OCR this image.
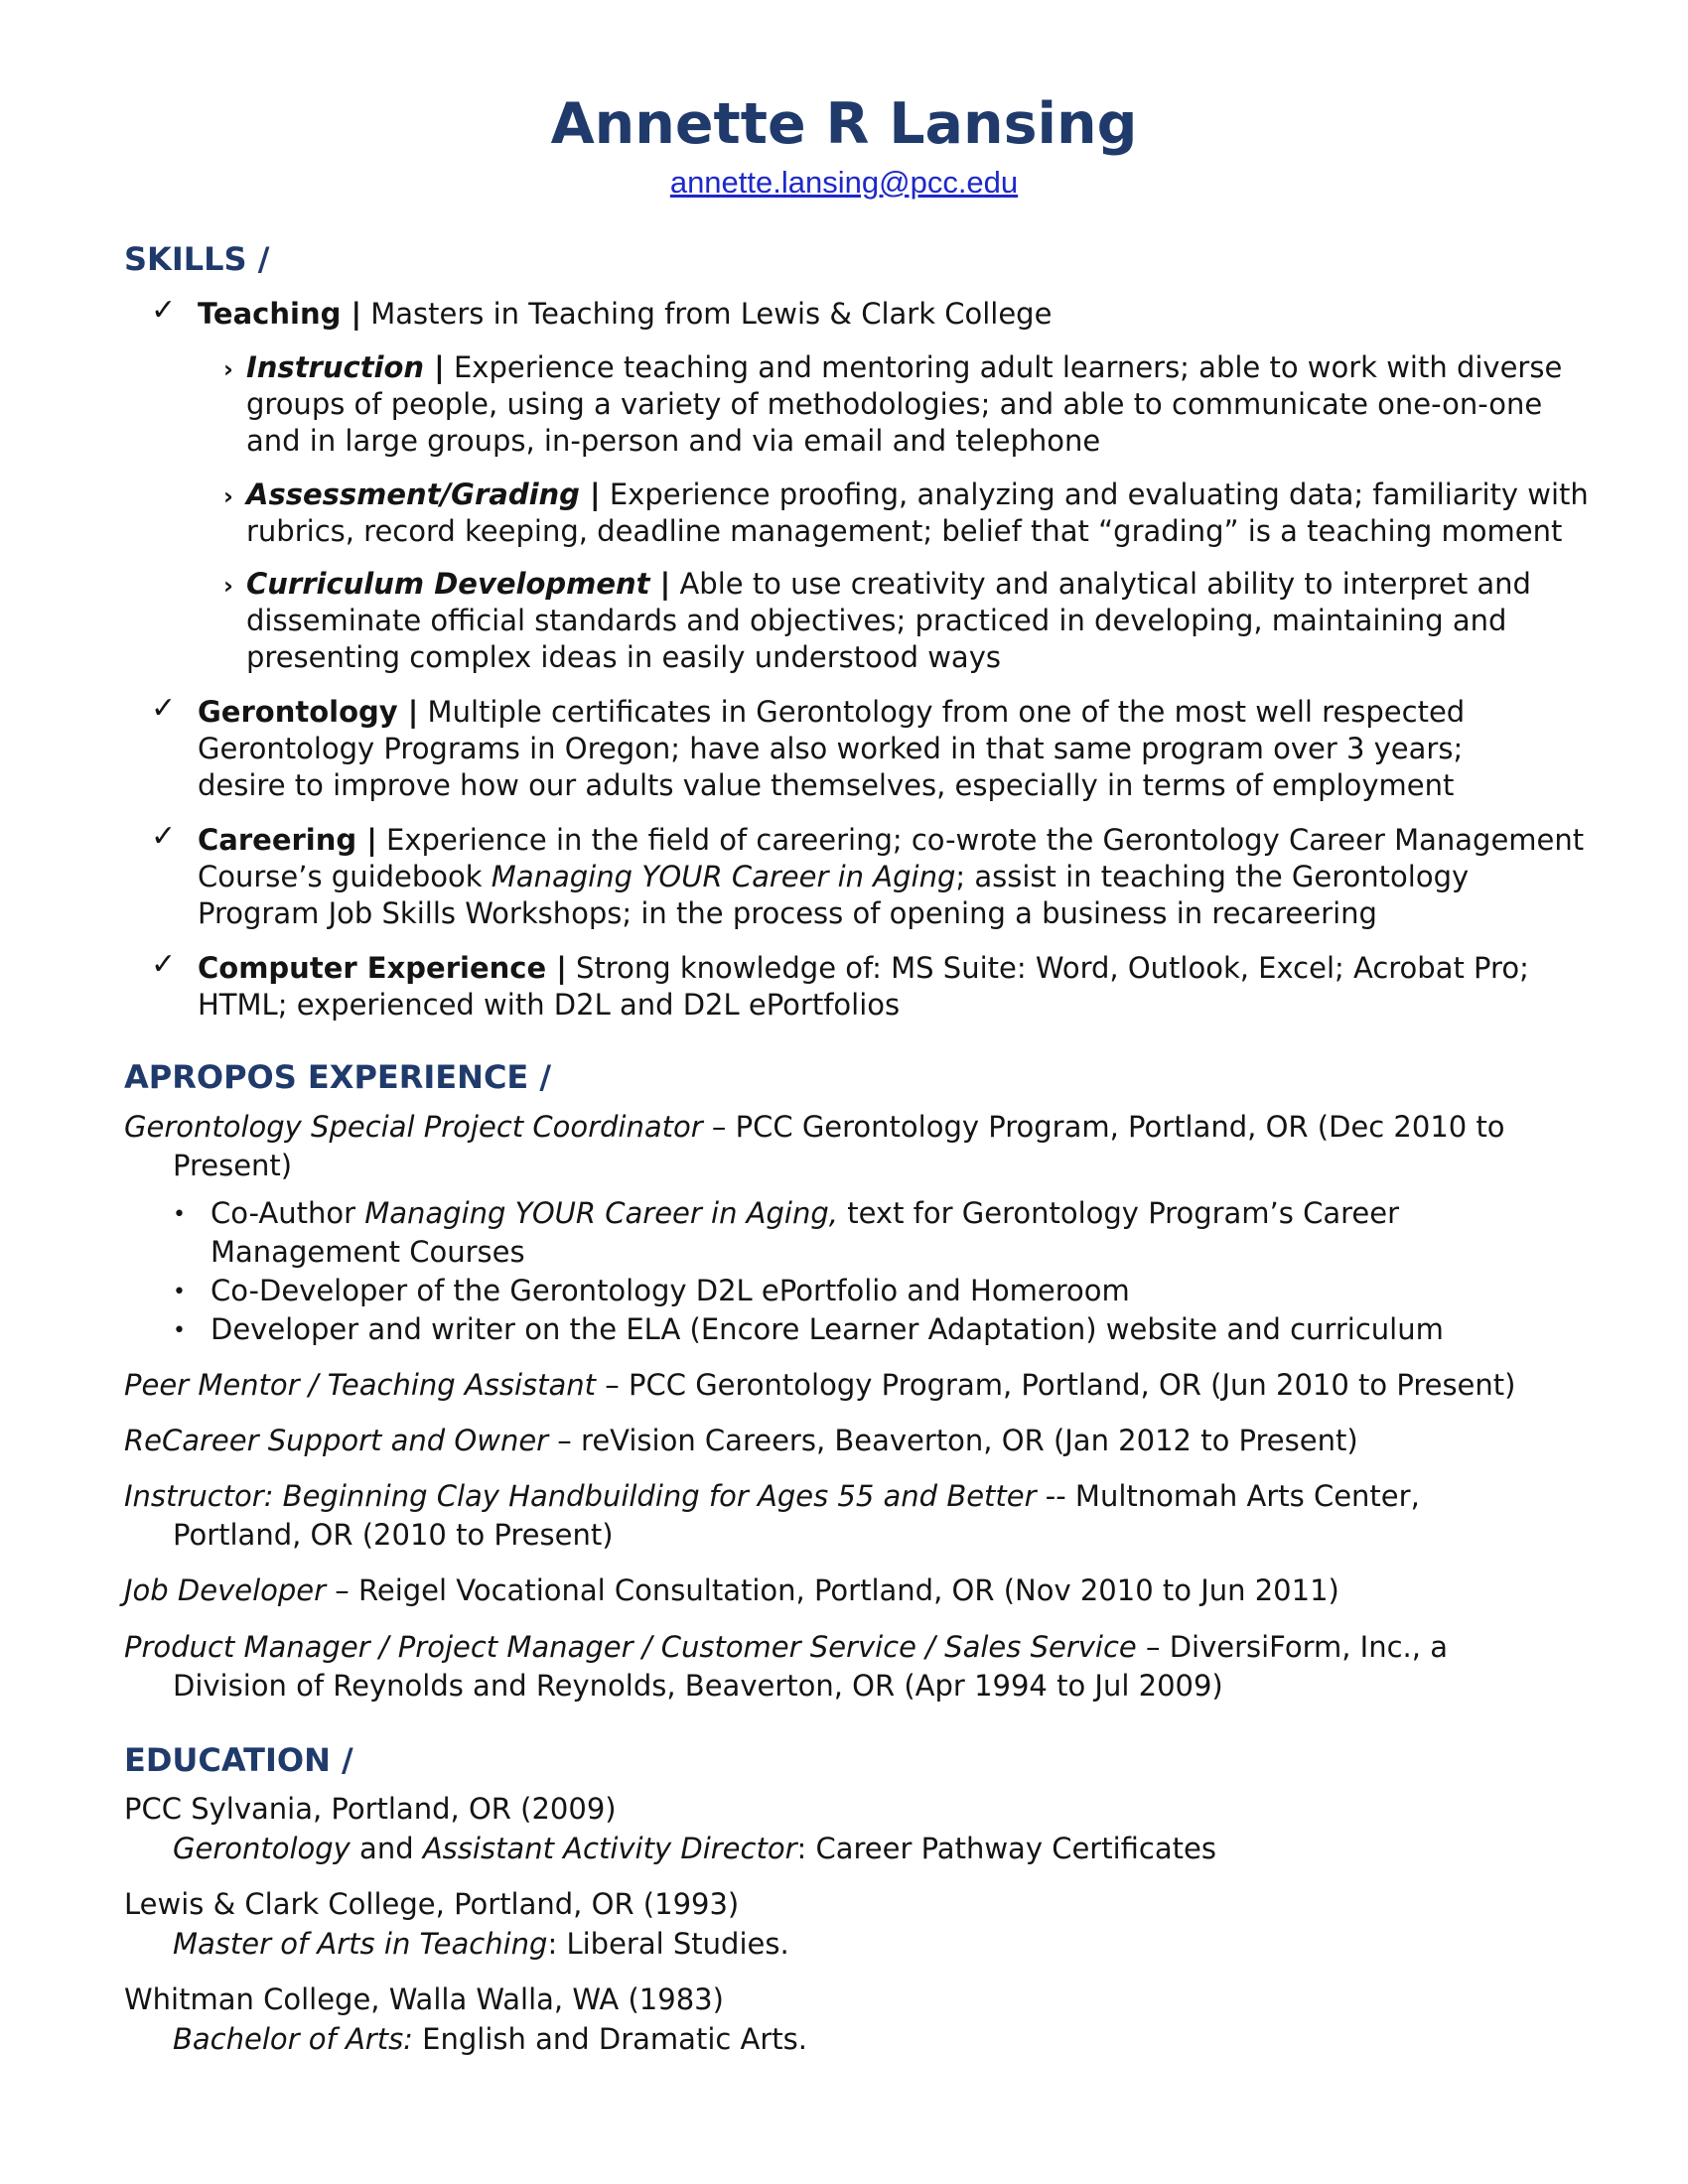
Annette R Lansing
annette.lansing@pcc.edu
SKILLS /
✓ Teaching | Masters in Teaching from Lewis & Clark College
› Instruction | Experience teaching and mentoring adult learners; able to work with diverse
groups of people, using a variety of methodologies; and able to communicate one-on-one
and in large groups, in-person and via email and telephone
› Assessment/Grading | Experience proofing, analyzing and evaluating data; familiarity with
rubrics, record keeping, deadline management; belief that “grading” is a teaching moment
› Curriculum Development | Able to use creativity and analytical ability to interpret and
disseminate official standards and objectives; practiced in developing, maintaining and
presenting complex ideas in easily understood ways
✓ Gerontology | Multiple certificates in Gerontology from one of the most well respected
Gerontology Programs in Oregon; have also worked in that same program over 3 years;
desire to improve how our adults value themselves, especially in terms of employment
✓ Careering | Experience in the field of careering; co-wrote the Gerontology Career Management
Course’s guidebook Managing YOUR Career in Aging; assist in teaching the Gerontology
Program Job Skills Workshops; in the process of opening a business in recareering
✓ Computer Experience | Strong knowledge of: MS Suite: Word, Outlook, Excel; Acrobat Pro;
HTML; experienced with D2L and D2L ePortfolios
APROPOS EXPERIENCE /
Gerontology Special Project Coordinator – PCC Gerontology Program, Portland, OR (Dec 2010 to
Present)
• Co-Author Managing YOUR Career in Aging, text for Gerontology Program’s Career
Management Courses
• Co-Developer of the Gerontology D2L ePortfolio and Homeroom
• Developer and writer on the ELA (Encore Learner Adaptation) website and curriculum
Peer Mentor / Teaching Assistant – PCC Gerontology Program, Portland, OR (Jun 2010 to Present)
ReCareer Support and Owner – reVision Careers, Beaverton, OR (Jan 2012 to Present)
Instructor: Beginning Clay Handbuilding for Ages 55 and Better -- Multnomah Arts Center,
Portland, OR (2010 to Present)
Job Developer – Reigel Vocational Consultation, Portland, OR (Nov 2010 to Jun 2011)
Product Manager / Project Manager / Customer Service / Sales Service – DiversiForm, Inc., a
Division of Reynolds and Reynolds, Beaverton, OR (Apr 1994 to Jul 2009)
EDUCATION /
PCC Sylvania, Portland, OR (2009)
Gerontology and Assistant Activity Director: Career Pathway Certificates
Lewis & Clark College, Portland, OR (1993)
Master of Arts in Teaching: Liberal Studies.
Whitman College, Walla Walla, WA (1983)
Bachelor of Arts: English and Dramatic Arts.
